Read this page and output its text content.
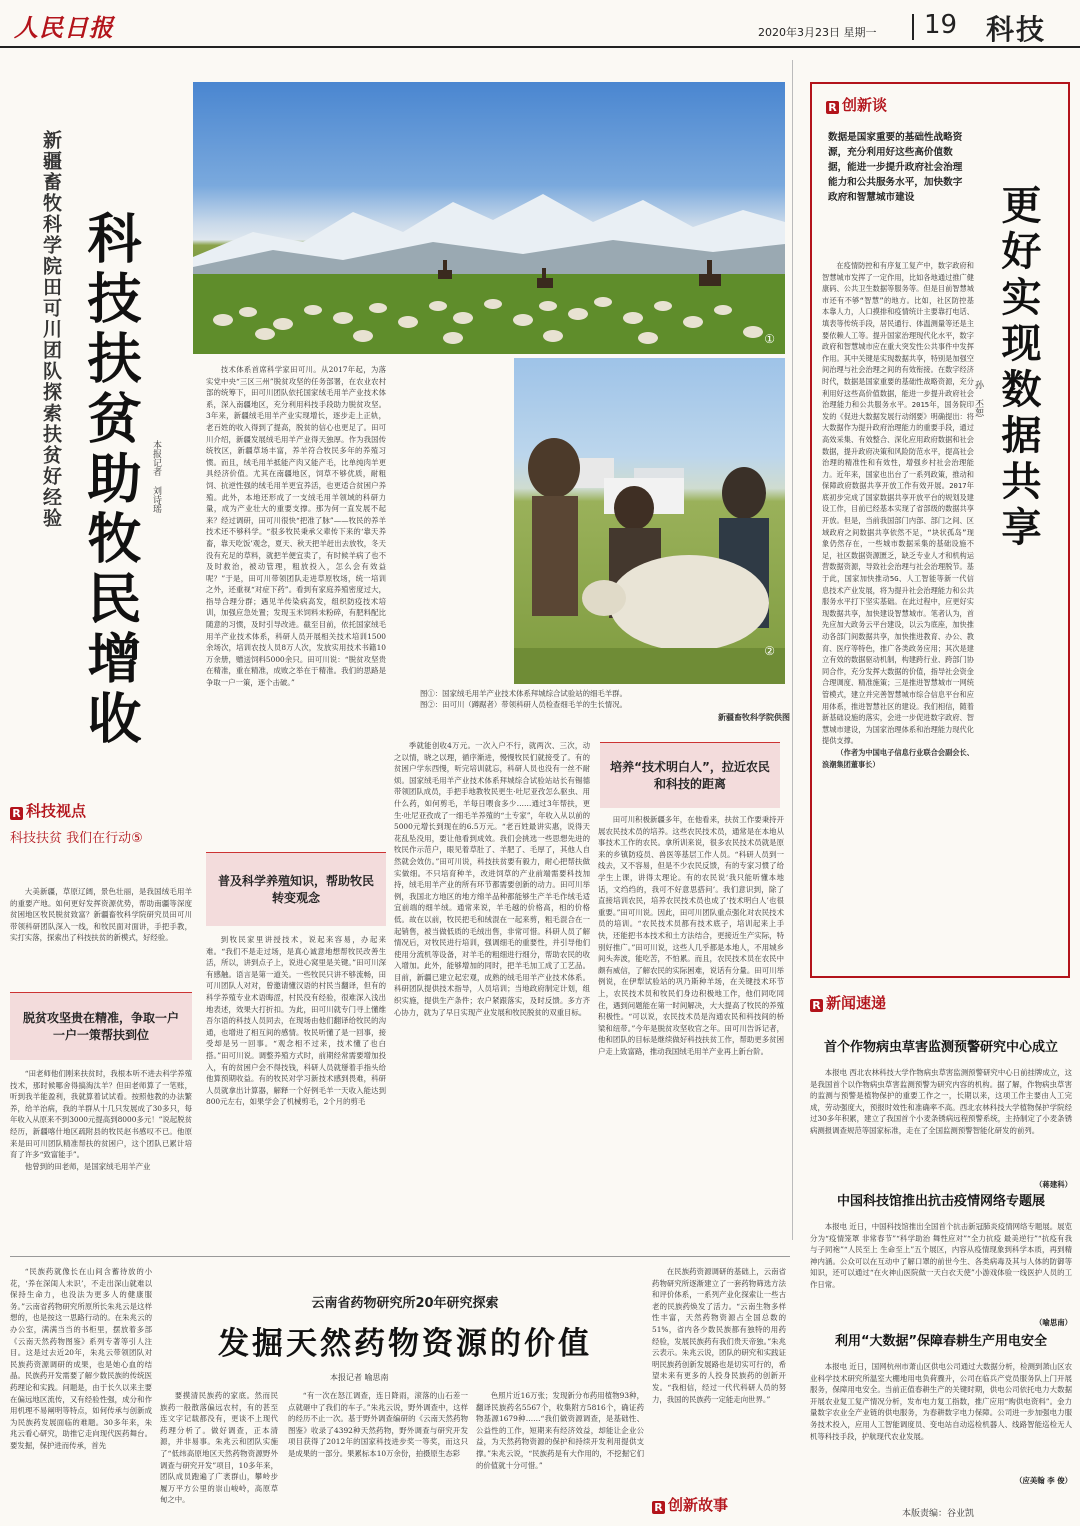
人民日报	2020年3月23日 星期一 19 科技
新疆畜牧科学院田可川团队探索扶贫好经验 科技扶贫助牧民增收 本报记者 刘诗瑶
R 科技视点
科技扶贫 我们在行动⑤

大美新疆，草原辽阔，景色壮丽，是我国绒毛用羊的重要产地。如何更好发挥资源优势，帮助南疆等深度贫困地区牧民脱贫致富？新疆畜牧科学院研究员田可川带领科研团队深入一线，和牧民面对面讲，手把手教，实打实落，探索出了科技扶贫的新模式，好经验。

脱贫攻坚贵在精准，争取一户一户一策帮扶到位

“田老师他们刚来扶贫时，我根本听不进去科学养殖技术，那时候哪舍得搞淘汰羊？但田老师算了一笔账，听到我羊能盈利，我就算着试试看。按照他教的办法繁养，给羊治病，我的羊群从十几只发展成了30多只，每年收入从原来不到3000元提高到8000多元！”说起脱贫经历，新疆喀什地区疏附县的牧民赵书感叹不已。他原来是田可川团队精准帮扶的贫困户，这个团队已累计培育了许多“致富能手”。

他曾到的田老师，是国家绒毛用羊产业

①
②
图①：国家绒毛用羊产业技术体系拜城综合试验站的细毛羊群。
图②：田可川（蹲踞者）带领科研人员检查细毛羊的生长情况。
新疆畜牧科学院供图

技术体系首席科学家田可川。从2017年起，为落实党中央“三区三州”脱贫攻坚的任务部署，在农业农村部的统筹下，田可川团队依托国家绒毛用羊产业技术体系，深入南疆地区，充分利用科技手段助力脱贫攻坚。3年来，新疆绒毛用羊产业实现增长，逐步走上正轨，老百姓的收入得到了提高，脱贫的信心也更足了。田可川介绍，新疆发展绒毛用羊产业得天独厚。作为我国传统牧区，新疆草场丰富，养羊符合牧民多年的养殖习惯。而且，绒毛用羊抵能产肉又能产毛，比单纯肉羊更具经济价值。尤其在南疆地区，饲草不够优质，耐粗饲、抗逆性强的绒毛用羊更宜养活，也更适合贫困户养殖。此外，本地还形成了一支绒毛用羊领域的科研力量，成为产业壮大的重要支撑。那为何一直发展不起来？经过调研，田可川很快“把准了脉”——牧民的养羊技术还不够科学。“很多牧民秉承父辈传下来的‘靠天养畜，靠天吃饭’观念，夏天、秋天把羊赶出去放牧，冬天没有充足的草料，就把羊便宜卖了，有时候羊病了也不及时救治，被动管理，粗放投入，怎么会有效益呢？”于是，田可川带领团队走进草原牧场，统一培训之外，还重视“对症下药”。看到有家庭养殖密度过大，指导合理分群；遇见羊传染病高发，组织防疫技术培训，加强应急处置；发现玉米饲料未粉碎，有肥料配比随意的习惯，及时引导改进。截至目前，依托国家绒毛用羊产业技术体系，科研人员开展相关技术培训1500余场次，培训农技人员8万人次，发放实用技术书籍10万余册，赠送饲料5000余只。田可川说：“脱贫攻坚贵在精准，重在精准，成败之举在于精准。我们的思路是争取一户一策，逐个击破。”

普及科学养殖知识，帮助牧民转变观念

到牧民家里讲授技术，说起来容易，办起来难。“我们不是走过场，是真心诚意地想帮牧民改善生活，所以，讲到点子上，说进心窝里是关键。”田可川深有感触。语言是第一道关。一些牧民只讲不够流畅，田可川团队人对对，曾邀请懂汉语的村民当翻译，但有的科学养殖专业术语晦涩，村民没有经验，很难深入浅出地表述，效果大打折扣。为此，田可川就专门寻上懂维吾尔语的科技人员同去，在现场由他们翻译给牧民的沟通，也增进了相互间的感情。牧民听懂了是一回事，接受却是另一回事。“观念相不过来，技术懂了也白搭。”田可川说。调整养殖方式时，前期经常需要增加投入，有的贫困户会不得技钱，科研人员就掰着手指头给他算预期收益。有的牧民对学习新技术感到畏难，科研人员就拿出计算器，解释一个好例毛羊一天收入能达到800元左右，如果学会了机械剪毛，2个月的剪毛

季就能创收4万元。一次入户不行，就两次、三次，动之以情，晓之以理，循序渐进，慢慢牧民们就接受了。有的贫困户学东西慢，听完培训就忘，科研人员也没有一丝不耐烦。国家绒毛用羊产业技术体系拜城综合试验站站长有锡德带领团队成员，手把手地教牧民更生·吐尼亚孜怎么驱虫、用什么药，如何剪毛，羊每日喂食多少……通过3年帮扶，更生·吐尼亚孜成了一细毛羊养殖的“土专家”，年收入从以前的5000元增长到现在的6.5万元。“老百姓最讲实惠，说得天花乱坠没用，要让他看到成效。我们会挑选一些思想先进的牧民作示范户，眼见着草肚了、羊肥了、毛厚了，其他人自然就会效仿。”田可川说，科技扶贫要有毅力，耐心把帮扶做实做细。不只培育种羊，改进饲草的产业前端需要科技加持，绒毛用羊产业的所有环节都需要创新的动力。田可川举例，我国北方地区的地方绵羊品种都能够生产羊毛作绒毛适宜前端的细羊绒。通常来说，羊毛越的价格高，相的价格低。故在以前，牧民把毛和绒混在一起来剪，粗毛混合在一起销售，被当做低质的毛绒出售，非常可惜。科研人员了解情况后，对牧民进行培训，强调细毛的重要性，并引导他们使用分流机等设备，对羊毛的粗细进行细分，帮助农民的收入增加。此外，能够增加的同时，把羊毛加工成了工艺品。目前，新疆已建立起宏观，成熟的绒毛用羊产业技术体系。科研团队提供技术指导，人员培训；当地政府制定计划，组织实施，提供生产条件；农户紧跟落实，及时反馈。多方齐心协力，就为了早日实现产业发展和牧民脱贫的双重目标。

培养“技术明白人”，拉近农民和科技的距离

田可川积极新疆多年，在他看来，扶贫工作要秉持开展农民技术员的培养。这些农民技术员，通常是在本地从事技术工作的农民。拿所训来说，很多农民技术员就是原来的乡镇防疫员、兽医等基层工作人员。“科研人员到一线去，又不容易，但是不少农民反馈，有的专家习惯了给学生上课，讲得太理论。有的农民说‘我只能听懂本地话，文绉绉的，我可不好意思搭问’。我们意识到，除了直接培训农民，培养农民技术员也成了‘技术明白人’也很重要。”田可川说。因此，田可川团队重点强化对农民技术员的培训。“农民技术员都有技术底子，培训起来上手快，还能把书本技术和土方法结合，更接近生产实际，特别好推广。”田可川说，这些人几乎都是本地人，不用城乡间头奔波，能吃苦，不怕累。而且，农民技术员在农民中颇有威信，了解农民的实际困难，说话有分量。田可川举例说，在伊犁试验站的巩乃斯种羊场，在关键技术环节上，农民技术员和牧民们身边积极地工作，他们同吃同住，遇到问题能在第一时间解决，大大提高了牧民的养殖积极性。“可以说，农民技术员是沟通农民和科技间的桥梁和纽带。”今年是脱贫攻坚收官之年。田可川告诉记者，他和团队的目标是继续做好科技扶贫工作，帮助更多贫困户走上致富路，推动我国绒毛用羊产业再上新台阶。

R 创新谈
数据是国家重要的基础性战略资源，充分利用好这些高价值数据，能进一步提升政府社会治理能力和公共服务水平，加快数字政府和智慧城市建设

在疫情防控和有序复工复产中，数字政府和智慧城市发挥了一定作用，比如各地通过推广健康码、公共卫生数据等服务等。但是目前智慧城市还有不够“智慧”的地方。比如，社区防控基本靠人力，人口摸排和疫情统计主要靠打电话、填表等传统手段，居民通行、体温测量等还是主要依赖人工等。提升国家治理现代化水平，数字政府和智慧城市应在重大突发性公共事件中发挥作用。其中关键是实现数据共享，特别是加强空间治理与社会治理之间的有效衔接。在数字经济时代，数据是国家重要的基础性战略资源，充分利用好这些高价值数据，能进一步提升政府社会治理能力和公共服务水平。2015年，国务院印发的《促进大数据发展行动纲要》明确提出：将大数据作为提升政府治理能力的重要手段，通过高效采集、有效整合、深化应用政府数据和社会数据，提升政府决策和风险防范水平，提高社会治理的精准性和有效性，增强乡村社会治理能力。近年来，国家也出台了一系列政策，推动和保障政府数据共享开放工作有效开展。2017年底初步完成了国家数据共享开放平台的规划及建设工作，目前已经基本实现了省部级的数据共享开放。但是，当前我国部门内部、部门之间、区域政府之间数据共享依然不足，“块状孤岛”现象仍然存在，一些城市数据采集的基础设施不足，社区数据资源匮乏，缺乏专业人才和机构运营数据资源，导致社会治理与社会治理脱节。基于此，国家加快推动5G、人工智能等新一代信息技术产业发展，将为提升社会治理能力和公共服务水平打下坚实基础。在此过程中，应更好实现数据共享，加快建设智慧城市。笔者认为，首先应加大政务云平台建设，以云为底座，加快推动各部门间数据共享，加快推进教育、办公、教育、医疗等特色，推广各类政务应用；其次是建立有效的数据驱动机制，构建跨行业、跨部门协同合作，充分发挥大数据的价值，指导社会资金合理调度、精准施策；三是推进智慧城市一网统管模式，建立并完善智慧城市综合信息平台和应用体系，推进智慧社区的建设。我们相信，随着新基础设施的落实，会进一步促进数字政府、智慧城市建设，为国家治理体系和治理能力现代化提供支撑。

（作者为中国电子信息行业联合会副会长、浪潮集团董事长）

更好实现数据共享
孙 丕恕
R 新闻速递
首个作物病虫草害监测预警研究中心成立

本报电 西北农林科技大学作物病虫草害监测预警研究中心日前挂牌成立，这是我国首个以作物病虫草害监测预警为研究内容的机构。据了解，作物病虫草害的监测与预警是植物保护的重要工作之一，长期以来，这项工作主要由人工完成，劳动强度大，预报时效性和准确率不高。西北农林科技大学植物保护学院经过30多年积累，建立了我国首个小麦条锈病远程预警系统，主持制定了小麦条锈病测报调查规范等国家标准，走在了全国监测预警智能化研发的前列。

（蒋建科）
中国科技馆推出抗击疫情网络专题展

本报电 近日，中国科技馆推出全国首个抗击新冠肺炎疫情网络专题展。展览分为“疫情笼罩 非常春节”“科学助治 舞性应对”“全力抗疫 最美逆行”“抗疫有我 与子同袍”“人民至上 生命至上”五个展区，内容从疫情现象到科学本质，再到精神内涵。公众可以在互动中了解口罩的前世今生、各类病毒及其与人体的防御等知识，还可以通过“在火神山医院做一天白衣天使”小游戏体验一线医护人员的工作日常。

（喻思南）
利用“大数据”保障春耕生产用电安全

本报电 近日，国网杭州市萧山区供电公司通过大数据分析，检测到萧山区农业科学技术研究所温室大棚地用电负荷骤升，公司在临兵产党员服务队上门开展服务，保障用电安全。当前正值春耕生产的关键时期，供电公司依托电力大数据开展农业复工复产情况分析，发布电力复工指数，推广应用“购供电资料”。金力量数字农业全产业链的供电服务，为春耕数字电力保障。公司进一步加强电力服务技术投入，应用人工智能调度员、变电站自动巡检机器人、线路智能巡检无人机等科技手段，护航现代农业发展。

（应美翰 李 俊）

“民族药就像长在山间含蓄待放的小花，‘养在深闺人未识’，不走出深山就难以保持生命力，也没法为更多人的健康服务。”云南省药物研究所原所长朱兆云是这样想的，也是按这一思路行动的。在朱兆云的办公室，满满当当的书柜里，摆放着多部《云南天然药物图鉴》系列专著等引人注目。这是过去近20年，朱兆云带领团队对民族药资源调研的成果，也是她心血的结晶。民族药开发需要了解少数民族的传统医药理论和实践。问题是，由于长久以来主要在偏远地区流传，又有经验性强，成分和作用机理不易阐明等特点，如何传承与创新成为民族药发展面临的难题。30多年来，朱兆云看心研究，助推它走向现代医药舞台。要发掘，保护进而传承，首先

云南省药物研究所20年研究探索
发掘天然药物资源的价值
本报记者 喻思南

要摸清民族药的家底。然而民族药一般散落偏远农村，有的甚至连文字记载都没有，更谈不上现代药理分析了。做好调查，正本清源，并非易事。朱兆云和团队实施了“低纬高原地区天然药物资源野外调查与研究开发”项目，10多年来，团队成员跑遍了广袤群山，攀岭步履万平方公里的崇山峻岭，高原草甸之中。

“有一次在怒江调查，连日降雨，滚落的山石差一点就砸中了我们的车子。”朱兆云说，野外调查中，这样的经历不止一次。基于野外调查编研的《云南天然药物图鉴》收录了4392种天然药物，野外调查与研究开发项目获得了2012年的国家科技进步奖一等奖，而这只是成果的一部分。果累标本10万余份，拍摄原生态彩

色照片近16万张；发现新分布药用植物93种，翻译民族药名5567个，收集附方5816个，确证药物基源1679种……“我们做资源调查，是基础性、公益性的工作，短期来有经济效益，却能让企业公益，为天然药物资源的保护和持续开发利用提供支撑。”朱兆云说，“民族药是有大作用的，不挖掘它们的价值就十分可惜。”

在民族药资源调研的基础上，云南省药物研究所逐渐建立了一套药物筛选方法和评价体系，一系列产业化探索让一些古老的民族药焕发了活力。“云南生物多样性丰富，天然药物资源占全国总数的51%，省内各少数民族都有独特的用药经验，发展民族药有我们贵天帝独。”朱兆云表示。朱兆云说，团队的研究和实践证明民族药创新发展路也是切实可行的，希望未来有更多的人投身民族药的创新开发。“我相信，经过一代代科研人员的努力，我国的民族药一定能走向世界。”

R 创新故事	本版责编：谷业凯
